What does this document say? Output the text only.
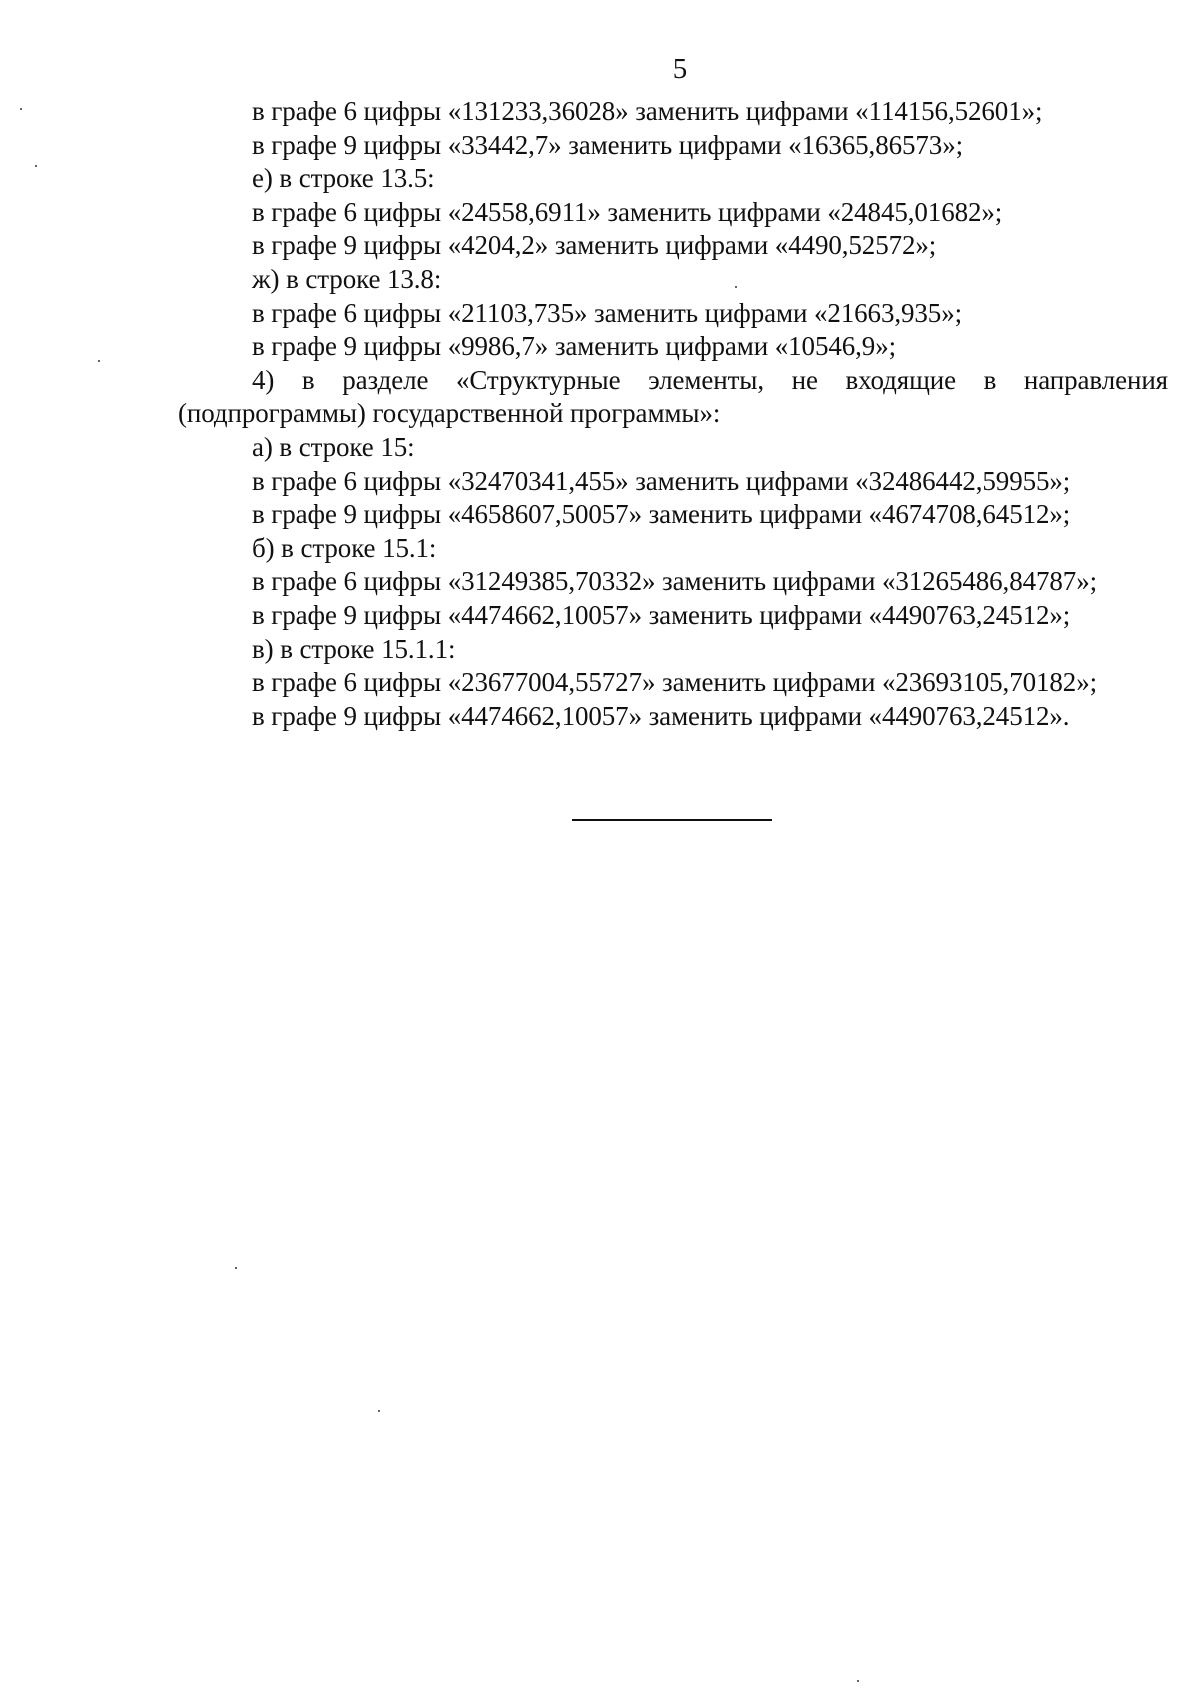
5
в графе 6 цифры «131233,36028» заменить цифрами «114156,52601»;
в графе 9 цифры «33442,7» заменить цифрами «16365,86573»;
е) в строке 13.5:
в графе 6 цифры «24558,6911» заменить цифрами «24845,01682»;
в графе 9 цифры «4204,2» заменить цифрами «4490,52572»;
ж) в строке 13.8:
в графе 6 цифры «21103,735» заменить цифрами «21663,935»;
в графе 9 цифры «9986,7» заменить цифрами «10546,9»;
4) в разделе «Структурные элементы, не входящие в направления
(подпрограммы) государственной программы»:
а) в строке 15:
в графе 6 цифры «32470341,455» заменить цифрами «32486442,59955»;
в графе 9 цифры «4658607,50057» заменить цифрами «4674708,64512»;
б) в строке 15.1:
в графе 6 цифры «31249385,70332» заменить цифрами «31265486,84787»;
в графе 9 цифры «4474662,10057» заменить цифрами «4490763,24512»;
в) в строке 15.1.1:
в графе 6 цифры «23677004,55727» заменить цифрами «23693105,70182»;
в графе 9 цифры «4474662,10057» заменить цифрами «4490763,24512».
